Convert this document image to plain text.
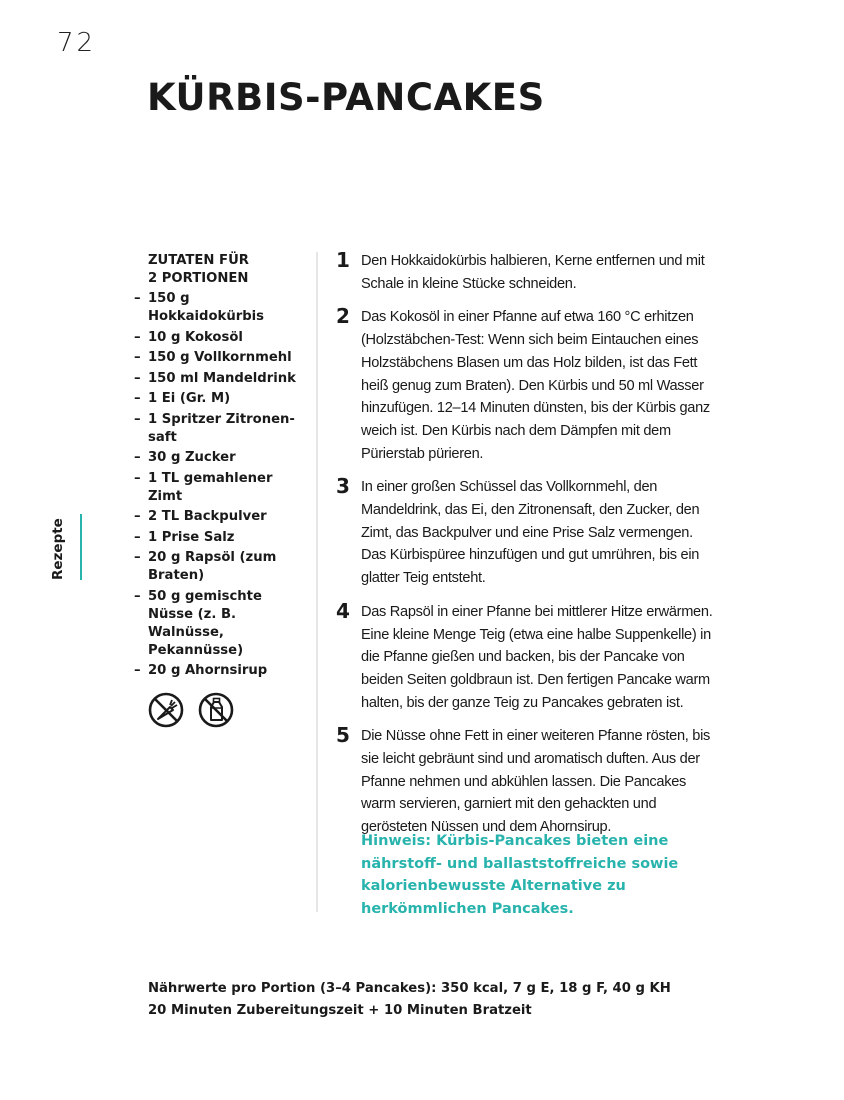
72
KÜRBIS-PANCAKES
Rezepte
ZUTATEN FÜR
2 PORTIONEN
– 150 g Hokkaidokürbis
– 10 g Kokosöl
– 150 g Vollkornmehl
– 150 ml Mandeldrink
– 1 Ei (Gr. M)
– 1 Spritzer Zitronen-saft
– 30 g Zucker
– 1 TL gemahlener Zimt
– 2 TL Backpulver
– 1 Prise Salz
– 20 g Rapsöl (zum Braten)
– 50 g gemischte Nüsse (z. B. Walnüsse, Pekannüsse)
– 20 g Ahornsirup
1 Den Hokkaidokürbis halbieren, Kerne entfernen und mit Schale in kleine Stücke schneiden.
2 Das Kokosöl in einer Pfanne auf etwa 160 °C erhitzen (Holzstäbchen-Test: Wenn sich beim Eintauchen eines Holzstäbchens Blasen um das Holz bilden, ist das Fett heiß genug zum Braten). Den Kürbis und 50 ml Wasser hinzufügen. 12–14 Minuten dünsten, bis der Kürbis ganz weich ist. Den Kürbis nach dem Dämpfen mit dem Pürierstab pürieren.
3 In einer großen Schüssel das Vollkornmehl, den Mandeldrink, das Ei, den Zitronensaft, den Zucker, den Zimt, das Backpulver und eine Prise Salz vermengen. Das Kürbispüree hinzufügen und gut umrühren, bis ein glatter Teig entsteht.
4 Das Rapsöl in einer Pfanne bei mittlerer Hitze erwärmen. Eine kleine Menge Teig (etwa eine halbe Suppenkelle) in die Pfanne gießen und backen, bis der Pancake von beiden Seiten goldbraun ist. Den fertigen Pancake warm halten, bis der ganze Teig zu Pancakes gebraten ist.
5 Die Nüsse ohne Fett in einer weiteren Pfanne rösten, bis sie leicht gebräunt sind und aromatisch duften. Aus der Pfanne nehmen und abkühlen lassen. Die Pancakes warm servieren, garniert mit den gehackten und gerösteten Nüssen und dem Ahornsirup.
Hinweis: Kürbis-Pancakes bieten eine nährstoff- und ballaststoffreiche sowie kalorienbewusste Alternative zu herkömmlichen Pancakes.
Nährwerte pro Portion (3–4 Pancakes): 350 kcal, 7 g E, 18 g F, 40 g KH
20 Minuten Zubereitungszeit + 10 Minuten Bratzeit
